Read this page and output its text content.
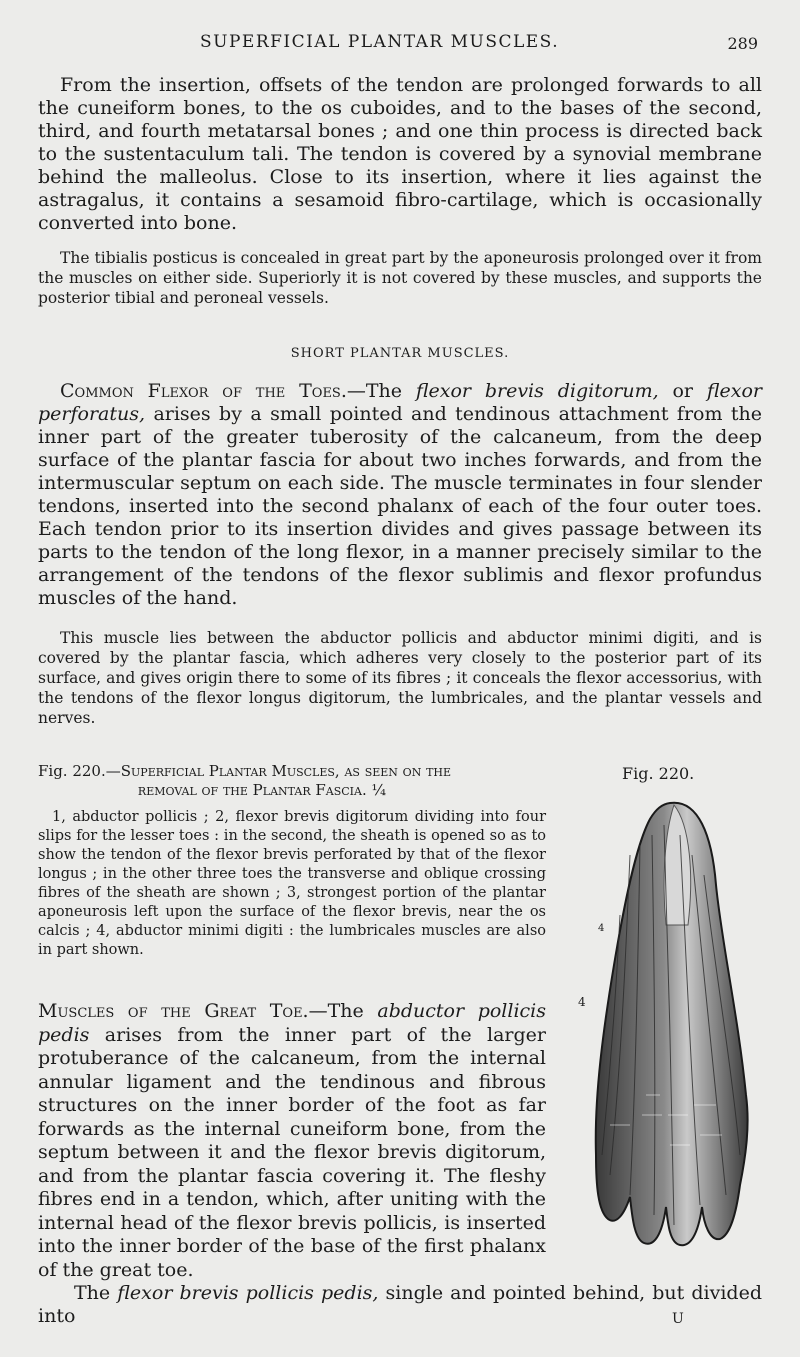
SUPERFICIAL PLANTAR MUSCLES.	289

From the insertion, offsets of the tendon are prolonged forwards to all the cuneiform bones, to the os cuboides, and to the bases of the second, third, and fourth metatarsal bones ; and one thin process is directed back to the sustentaculum tali. The tendon is covered by a synovial membrane behind the malleolus. Close to its insertion, where it lies against the astragalus, it contains a sesamoid fibro-cartilage, which is occasionally converted into bone.

The tibialis posticus is concealed in great part by the aponeurosis prolonged over it from the muscles on either side. Superiorly it is not covered by these muscles, and supports the posterior tibial and peroneal vessels.

SHORT PLANTAR MUSCLES.

Common Flexor of the Toes.—The flexor brevis digitorum, or flexor perforatus, arises by a small pointed and tendinous attachment from the inner part of the greater tuberosity of the calcaneum, from the deep surface of the plantar fascia for about two inches forwards, and from the intermuscular septum on each side. The muscle terminates in four slender tendons, inserted into the second phalanx of each of the four outer toes. Each tendon prior to its insertion divides and gives passage between its parts to the tendon of the long flexor, in a manner precisely similar to the arrangement of the tendons of the flexor sublimis and flexor profundus muscles of the hand.

This muscle lies between the abductor pollicis and abductor minimi digiti, and is covered by the plantar fascia, which adheres very closely to the posterior part of its surface, and gives origin there to some of its fibres ; it conceals the flexor accessorius, with the tendons of the flexor longus digitorum, the lumbricales, and the plantar vessels and nerves.

Fig. 220.—Superficial Plantar Muscles, as seen on the

removal of the Plantar Fascia. ¼

1, abductor pollicis ; 2, flexor brevis digitorum dividing into four slips for the lesser toes : in the second, the sheath is opened so as to show the tendon of the flexor brevis perforated by that of the flexor longus ; in the other three toes the transverse and oblique crossing fibres of the sheath are shown ; 3, strongest portion of the plantar aponeurosis left upon the surface of the flexor brevis, near the os calcis ; 4, abductor minimi digiti : the lumbricales muscles are also in part shown.

Fig. 220.
4
4

Muscles of the Great Toe.—The abductor pollicis pedis arises from the inner part of the larger protuberance of the calcaneum, from the internal annular ligament and the tendinous and fibrous structures on the inner border of the foot as far forwards as the internal cuneiform bone, from the septum between it and the flexor brevis digitorum, and from the plantar fascia covering it. The fleshy fibres end in a tendon, which, after uniting with the internal head of the flexor brevis pollicis, is inserted into the inner border of the base of the first phalanx of the great toe.

The flexor brevis pollicis pedis, single and pointed behind, but divided into	U
